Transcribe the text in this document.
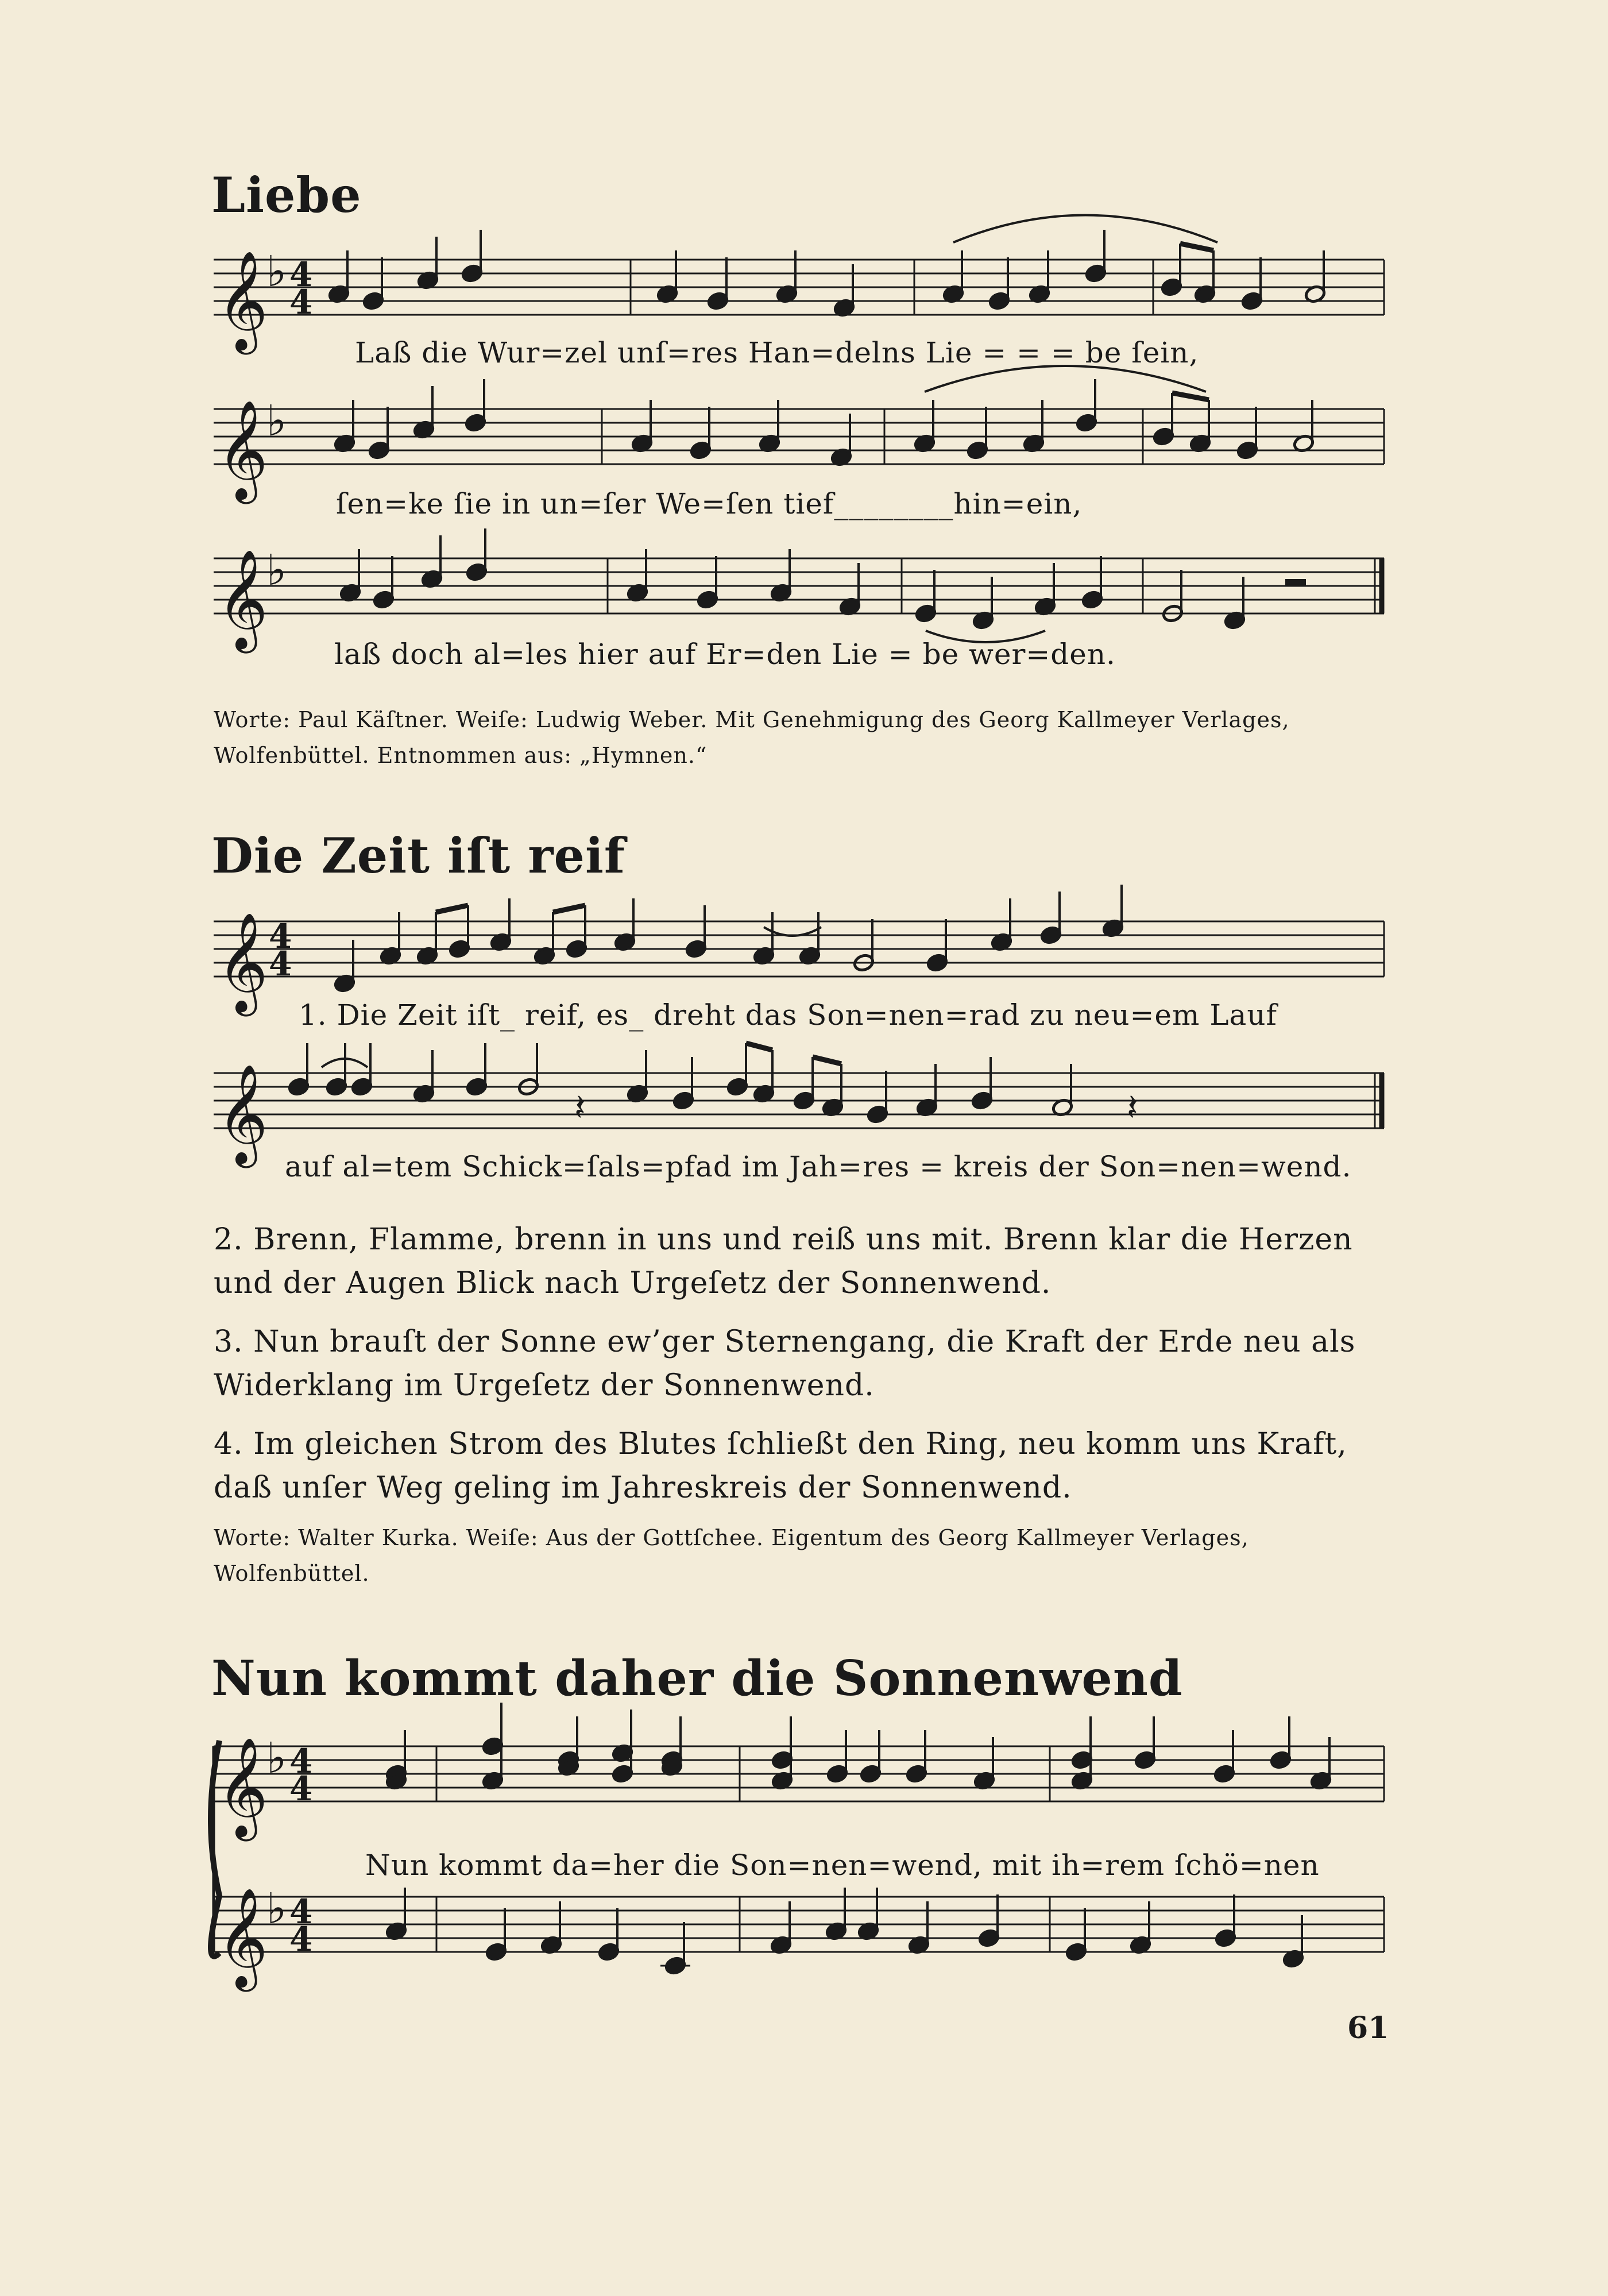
Liebe
𝄞
♭ 4
4
𝄞
♭
𝄞
♭
𝄞 4
4
𝄞	𝄽	𝄽
𝄞
♭ 4
4
𝄞
♭ 4
4
Laß die Wur=zel unſ=res Han=delns Lie = = = be ſein,
ſen=ke ſie in un=ſer We=ſen tief________hin=ein,
laß doch al=les hier auf Er=den Lie = be wer=den.
Worte: Paul Käſtner. Weiſe: Ludwig Weber. Mit Genehmigung des Georg Kallmeyer Verlages, Wolfenbüttel. Entnommen aus: „Hymnen.“
Die Zeit iſt reif
1. Die Zeit iſt_ reif, es_ dreht das Son=nen=rad zu neu=em Lauf
auf al=tem Schick=ſals=pfad im Jah=res = kreis der Son=nen=wend.
2. Brenn, Flamme, brenn in uns und reiß uns mit. Brenn klar die Herzen und der Augen Blick nach Urgeſetz der Sonnenwend.
3. Nun brauſt der Sonne ew’ger Sternengang, die Kraft der Erde neu als Widerklang im Urgeſetz der Sonnenwend.
4. Im gleichen Strom des Blutes ſchließt den Ring, neu komm uns Kraft, daß unſer Weg geling im Jahreskreis der Sonnenwend.
Worte: Walter Kurka. Weiſe: Aus der Gottſchee. Eigentum des Georg Kallmeyer Verlages, Wolfenbüttel.
Nun kommt daher die Sonnenwend
Nun kommt da=her die Son=nen=wend, mit ih=rem ſchö=nen
61
